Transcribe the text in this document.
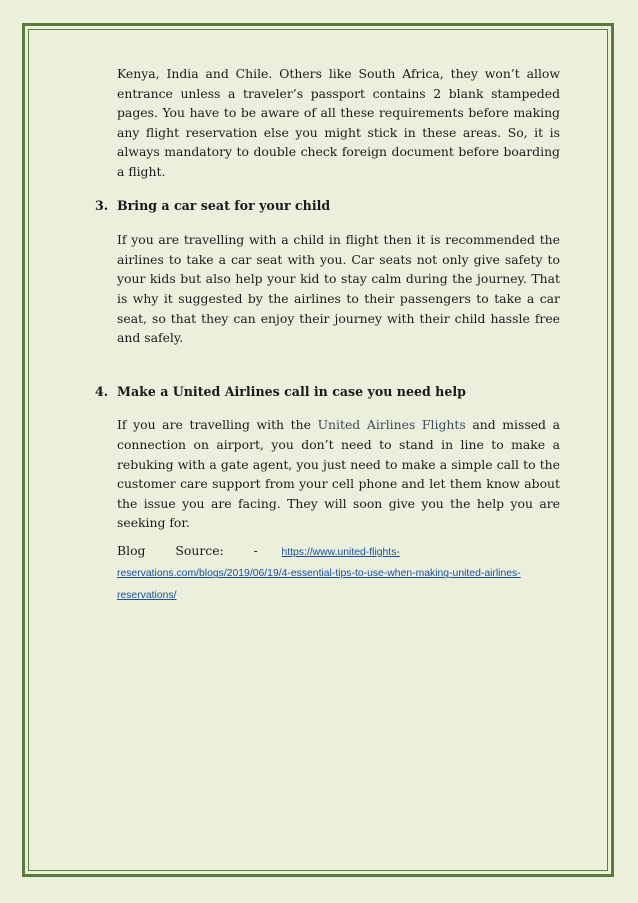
Kenya, India and Chile. Others like South Africa, they won’t allow entrance unless a traveler’s passport contains 2 blank stampeded pages. You have to be aware of all these requirements before making any flight reservation else you might stick in these areas. So, it is always mandatory to double check foreign document before boarding a flight.

3. Bring a car seat for your child

If you are travelling with a child in flight then it is recommended the airlines to take a car seat with you. Car seats not only give safety to your kids but also help your kid to stay calm during the journey. That is why it suggested by the airlines to their passengers to take a car seat, so that they can enjoy their journey with their child hassle free and safely.

4. Make a United Airlines call in case you need help

If you are travelling with the United Airlines Flights and missed a connection on airport, you don’t need to stand in line to make a rebuking with a gate agent, you just need to make a simple call to the customer care support from your cell phone and let them know about the issue you are facing. They will soon give you the help you are seeking for.

Blog Source: - https://www.united-flights-reservations.com/blogs/2019/06/19/4-essential-tips-to-use-when-making-united-airlines-reservations/
